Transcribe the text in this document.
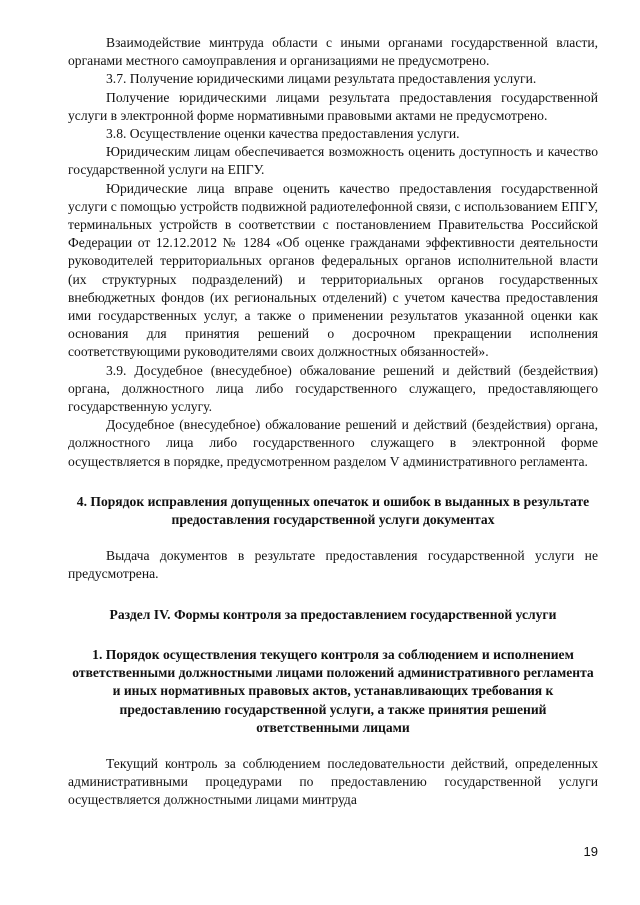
Взаимодействие минтруда области с иными органами государственной власти, органами местного самоуправления и организациями не предусмотрено.

3.7. Получение юридическими лицами результата предоставления услуги.

Получение юридическими лицами результата предоставления государственной услуги в электронной форме нормативными правовыми актами не предусмотрено.

3.8. Осуществление оценки качества предоставления услуги.

Юридическим лицам обеспечивается возможность оценить доступность и качество государственной услуги на ЕПГУ.

Юридические лица вправе оценить качество предоставления государственной услуги с помощью устройств подвижной радиотелефонной связи, с использованием ЕПГУ, терминальных устройств в соответствии с постановлением Правительства Российской Федерации от 12.12.2012 № 1284 «Об оценке гражданами эффективности деятельности руководителей территориальных органов федеральных органов исполнительной власти (их структурных подразделений) и территориальных органов государственных внебюджетных фондов (их региональных отделений) с учетом качества предоставления ими государственных услуг, а также о применении результатов указанной оценки как основания для принятия решений о досрочном прекращении исполнения соответствующими руководителями своих должностных обязанностей».

3.9. Досудебное (внесудебное) обжалование решений и действий (бездействия) органа, должностного лица либо государственного служащего, предоставляющего государственную услугу.

Досудебное (внесудебное) обжалование решений и действий (бездействия) органа, должностного лица либо государственного служащего в электронной форме осуществляется в порядке, предусмотренном разделом V административного регламента.

4. Порядок исправления допущенных опечаток и ошибок в выданных в результате предоставления государственной услуги документах

Выдача документов в результате предоставления государственной услуги не предусмотрена.

Раздел IV. Формы контроля за предоставлением государственной услуги
1. Порядок осуществления текущего контроля за соблюдением и исполнением ответственными должностными лицами положений административного регламента и иных нормативных правовых актов, устанавливающих требования к предоставлению государственной услуги, а также принятия решений ответственными лицами

Текущий контроль за соблюдением последовательности действий, определенных административными процедурами по предоставлению государственной услуги осуществляется должностными лицами минтруда

19
